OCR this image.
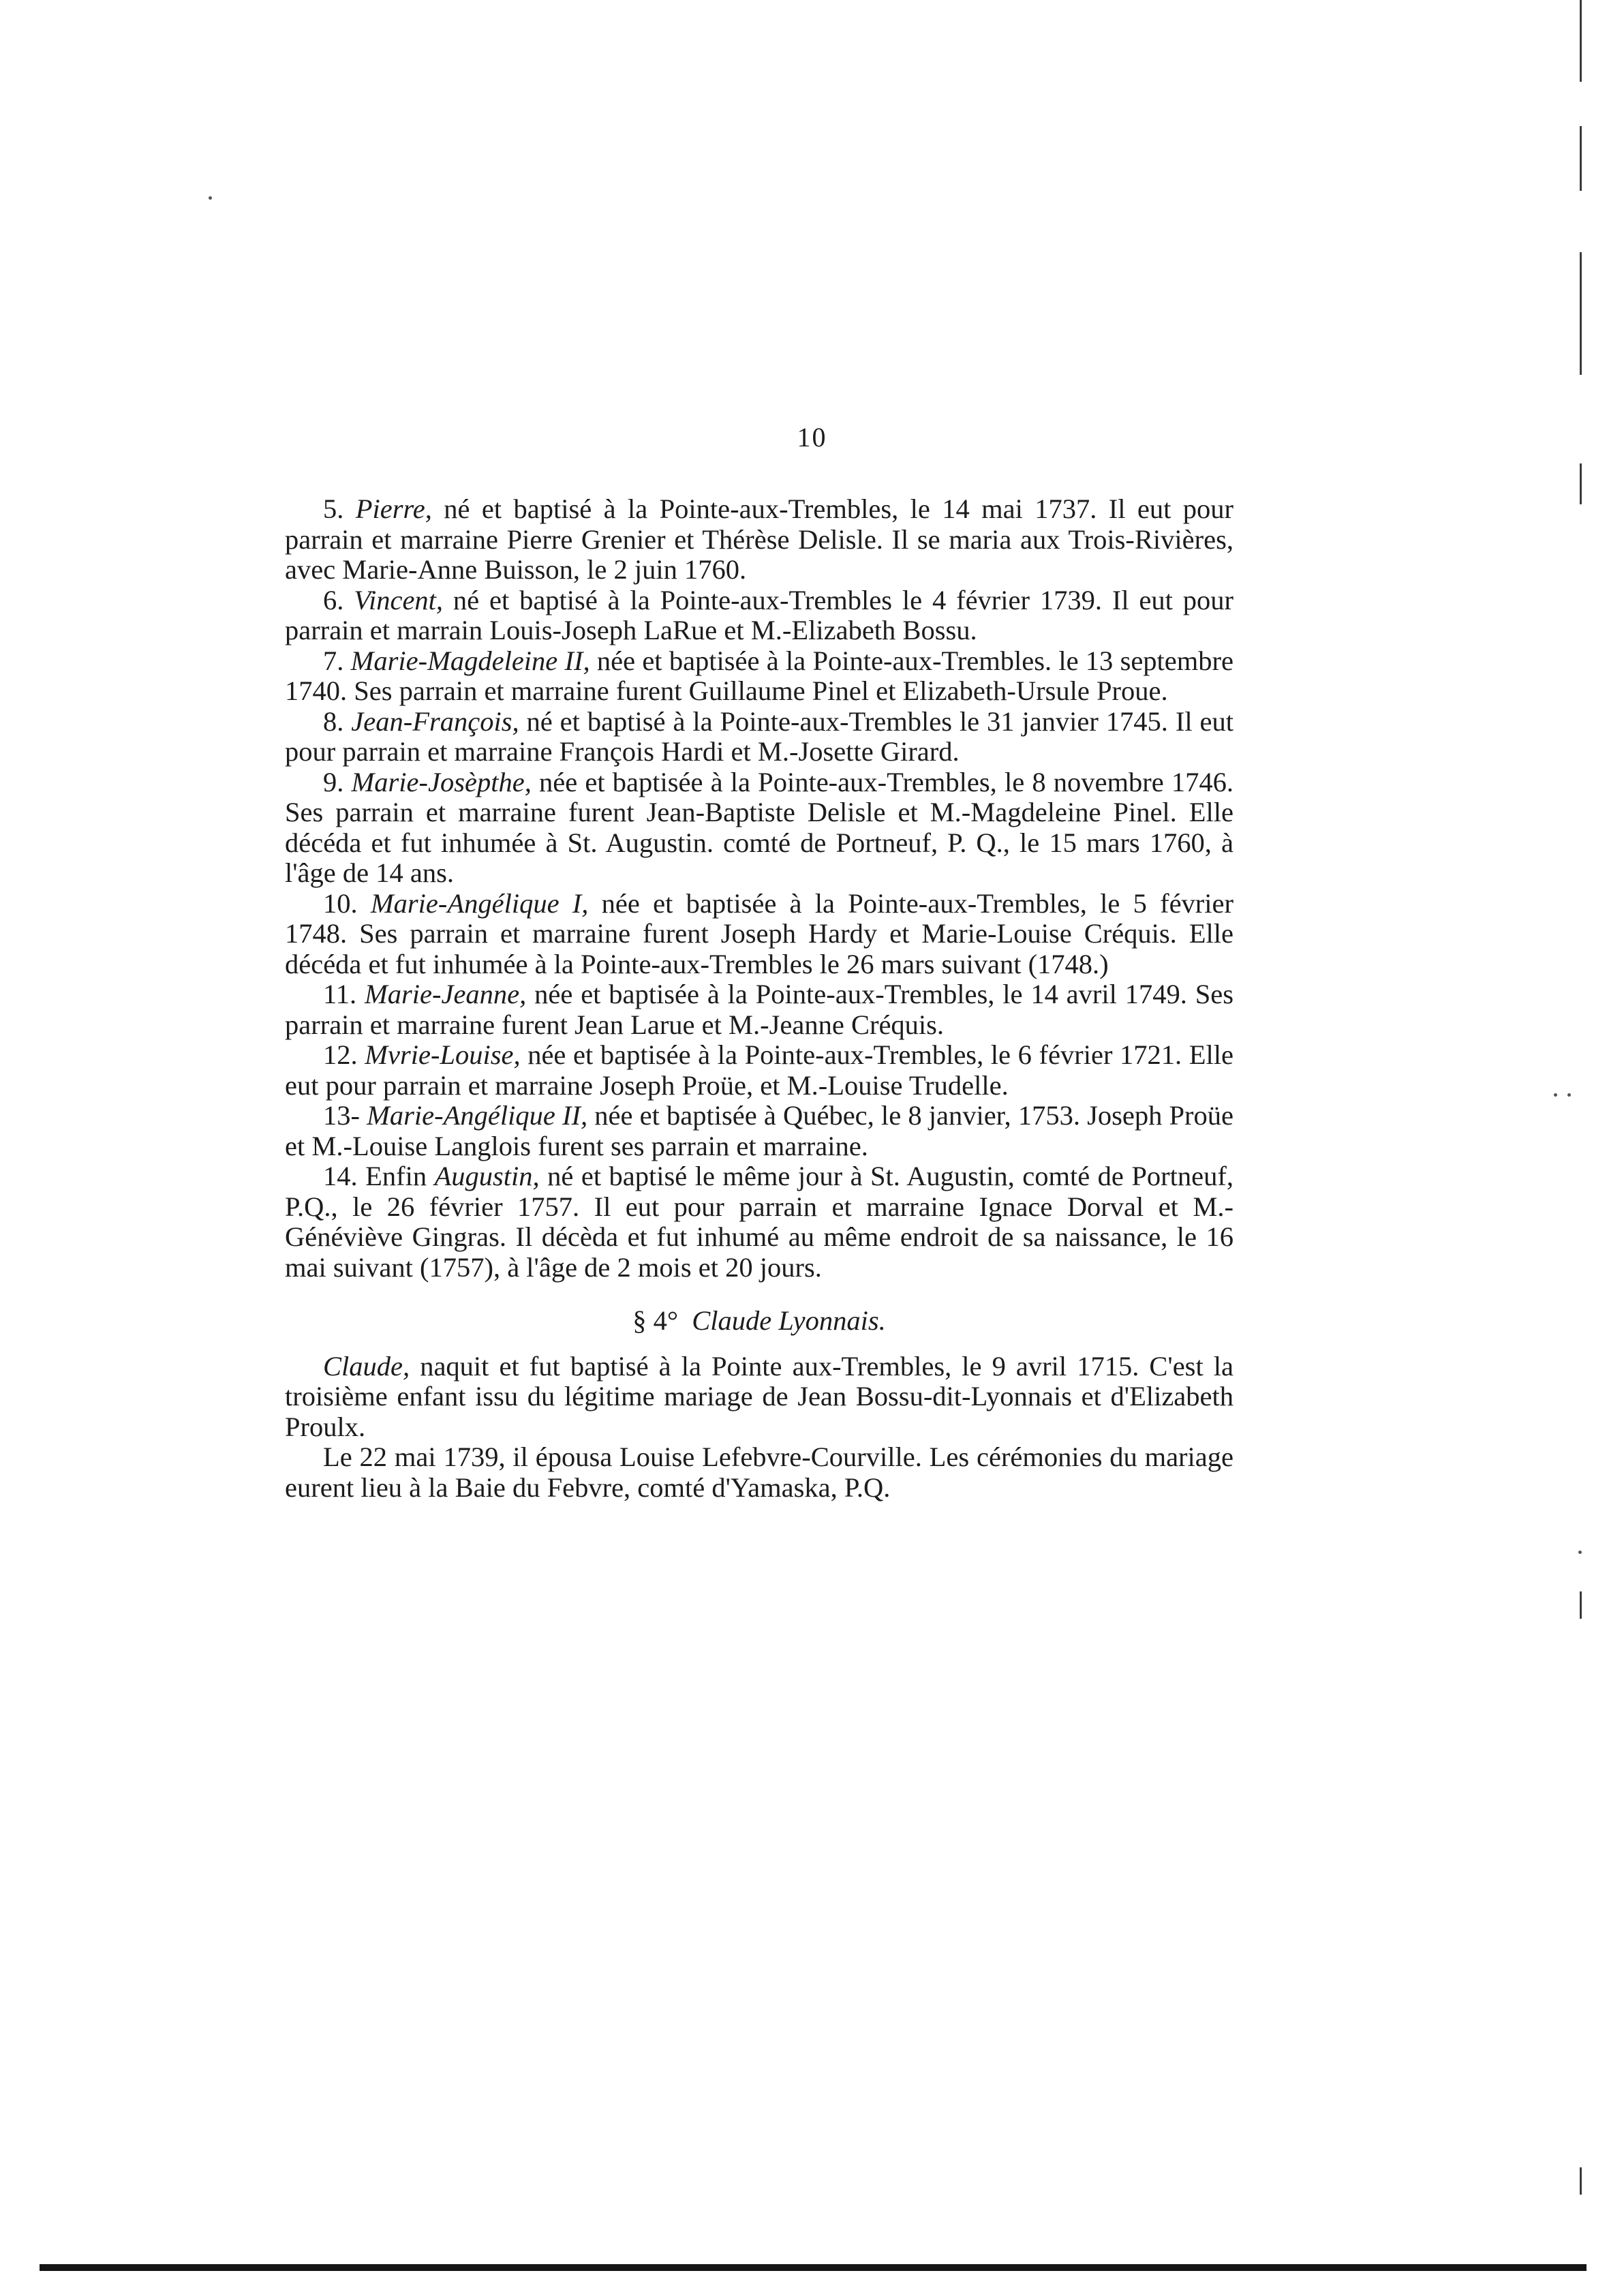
10

5. Pierre, né et baptisé à la Pointe-aux-Trembles, le 14 mai 1737. Il eut pour parrain et marraine Pierre Grenier et Thérèse Delisle. Il se maria aux Trois-Rivières, avec Marie-Anne Buisson, le 2 juin 1760.

6. Vincent, né et baptisé à la Pointe-aux-Trembles le 4 février 1739. Il eut pour parrain et marrain Louis-Joseph LaRue et M.-Elizabeth Bossu.

7. Marie-Magdeleine II, née et baptisée à la Pointe-aux-Trembles. le 13 septembre 1740. Ses parrain et marraine furent Guillaume Pinel et Elizabeth-Ursule Proue.

8. Jean-François, né et baptisé à la Pointe-aux-Trembles le 31 janvier 1745. Il eut pour parrain et marraine François Hardi et M.-Josette Girard.

9. Marie-Josèpthe, née et baptisée à la Pointe-aux-Trembles, le 8 novembre 1746. Ses parrain et marraine furent Jean-Baptiste Delisle et M.-Magdeleine Pinel. Elle décéda et fut inhumée à St. Augustin. comté de Portneuf, P. Q., le 15 mars 1760, à l'âge de 14 ans.

10. Marie-Angélique I, née et baptisée à la Pointe-aux-Trembles, le 5 février 1748. Ses parrain et marraine furent Joseph Hardy et Marie-Louise Créquis. Elle décéda et fut inhumée à la Pointe-aux-Trembles le 26 mars suivant (1748.)

11. Marie-Jeanne, née et baptisée à la Pointe-aux-Trembles, le 14 avril 1749. Ses parrain et marraine furent Jean Larue et M.-Jeanne Créquis.

12. Mvrie-Louise, née et baptisée à la Pointe-aux-Trembles, le 6 février 1721. Elle eut pour parrain et marraine Joseph Proüe, et M.-Louise Trudelle.

13- Marie-Angélique II, née et baptisée à Québec, le 8 janvier, 1753. Joseph Proüe et M.-Louise Langlois furent ses parrain et marraine.

14. Enfin Augustin, né et baptisé le même jour à St. Augustin, comté de Portneuf, P.Q., le 26 février 1757. Il eut pour parrain et marraine Ignace Dorval et M.-Généviève Gingras. Il décèda et fut inhumé au même endroit de sa naissance, le 16 mai suivant (1757), à l'âge de 2 mois et 20 jours.

§ 4° Claude Lyonnais.

Claude, naquit et fut baptisé à la Pointe aux-Trembles, le 9 avril 1715. C'est la troisième enfant issu du légitime mariage de Jean Bossu-dit-Lyonnais et d'Elizabeth Proulx.

Le 22 mai 1739, il épousa Louise Lefebvre-Courville. Les cérémonies du mariage eurent lieu à la Baie du Febvre, comté d'Yamaska, P.Q.
